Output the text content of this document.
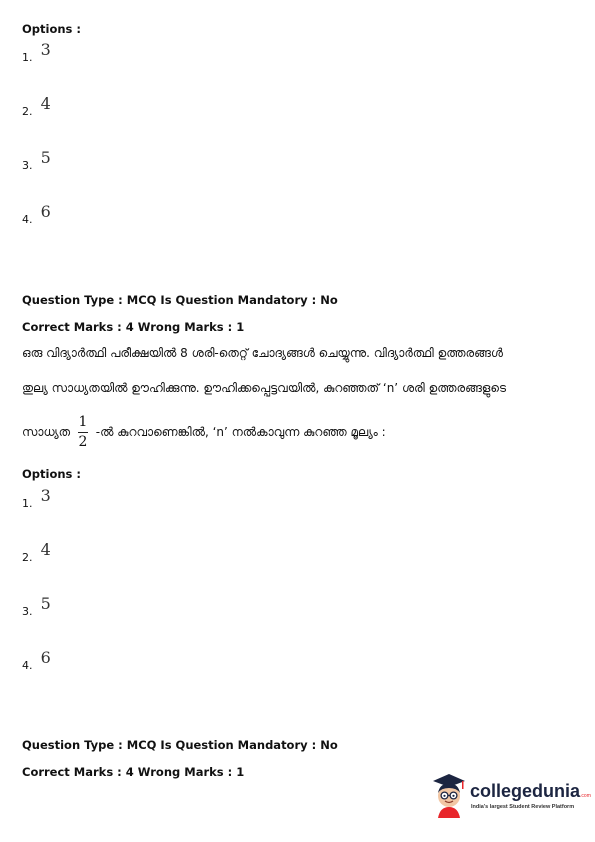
Options :
1. 3
2. 4
3. 5
4. 6
Question Type : MCQ Is Question Mandatory : No
Correct Marks : 4 Wrong Marks : 1
ഒരു വിദ്യാർത്ഥി പരീക്ഷയിൽ 8 ശരി-തെറ്റ് ചോദ്യങ്ങൾ ചെയ്യുന്നു. വിദ്യാർത്ഥി ഉത്തരങ്ങൾ
തുല്യ സാധ്യതയിൽ ഊഹിക്കുന്നു. ഊഹിക്കപ്പെട്ടവയിൽ, കുറഞ്ഞത് ‘n’ ശരി ഉത്തരങ്ങളുടെ
സാധ്യത $\frac{1}{2}$ -ൽ കുറവാണെങ്കിൽ, ‘n’ നൽകാവുന്ന കുറഞ്ഞ മൂല്യം :
Options :
1. 3
2. 4
3. 5
4. 6
Question Type : MCQ Is Question Mandatory : No
Correct Marks : 4 Wrong Marks : 1
collegedunia.com
India's largest Student Review Platform
